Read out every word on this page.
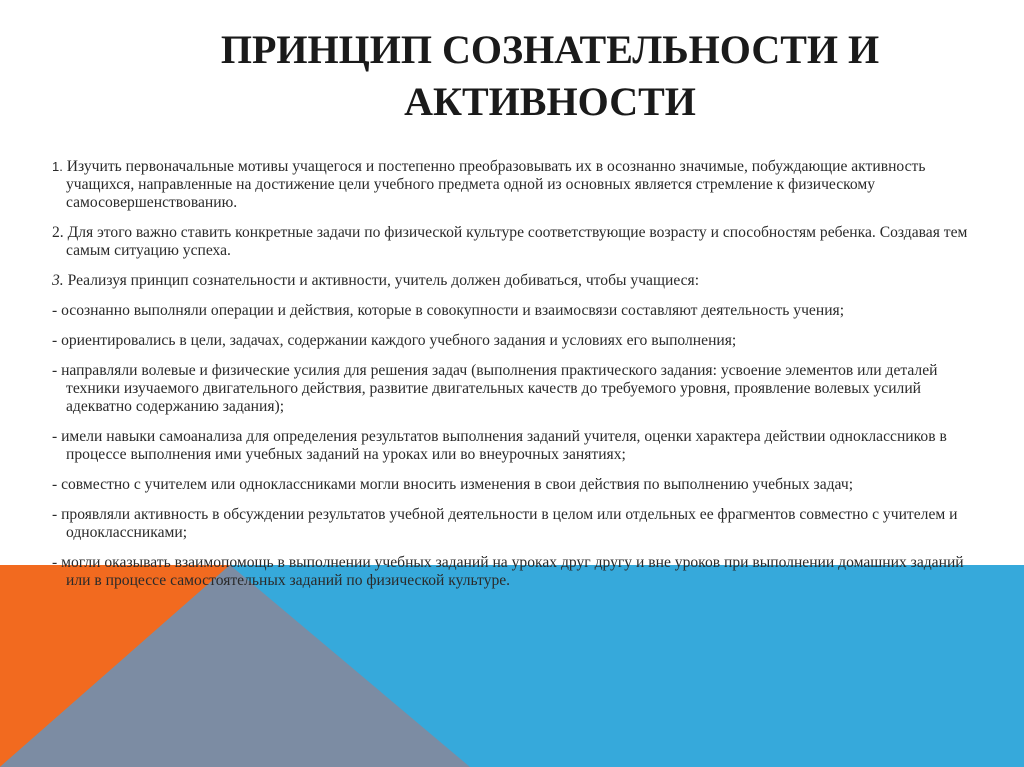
ПРИНЦИП СОЗНАТЕЛЬНОСТИ И
АКТИВНОСТИ

1. Изучить первоначальные мотивы учащегося и постепенно преобразовывать их в осознанно значимые, побуждающие активность учащихся, направленные на достижение цели учебного предмета одной из основных является стремление к физическому самосовершенствованию.

2. Для этого важно ставить конкретные задачи по физической культуре соответствующие возрасту и способностям ребенка. Создавая тем самым ситуацию успеха.

3. Реализуя принцип сознательности и активности, учитель должен добиваться, чтобы учащиеся:

- осознанно выполняли операции и действия, которые в совокупности и взаимосвязи составляют деятельность учения;

- ориентировались в цели, задачах, содержании каждого учебного задания и условиях его выполнения;

- направляли волевые и физические усилия для решения задач (выполнения практического задания: усвоение элементов или деталей техники изучаемого двигательного действия, развитие двигательных качеств до требуемого уровня, проявление волевых усилий адекватно содержанию задания);

- имели навыки самоанализа для определения результатов выполнения заданий учителя, оценки характера действии одноклассников в процессе выполнения ими учебных заданий на уроках или во внеурочных занятиях;

- совместно с учителем или одноклассниками могли вносить изменения в свои действия по выполнению учебных задач;

- проявляли активность в обсуждении результатов учебной деятельности в целом или отдельных ее фрагментов совместно с учителем и одноклассниками;

- могли оказывать взаимопомощь в выполнении учебных заданий на уроках друг другу и вне уроков при выполнении домашних заданий или в процессе самостоятельных заданий по физической культуре.
